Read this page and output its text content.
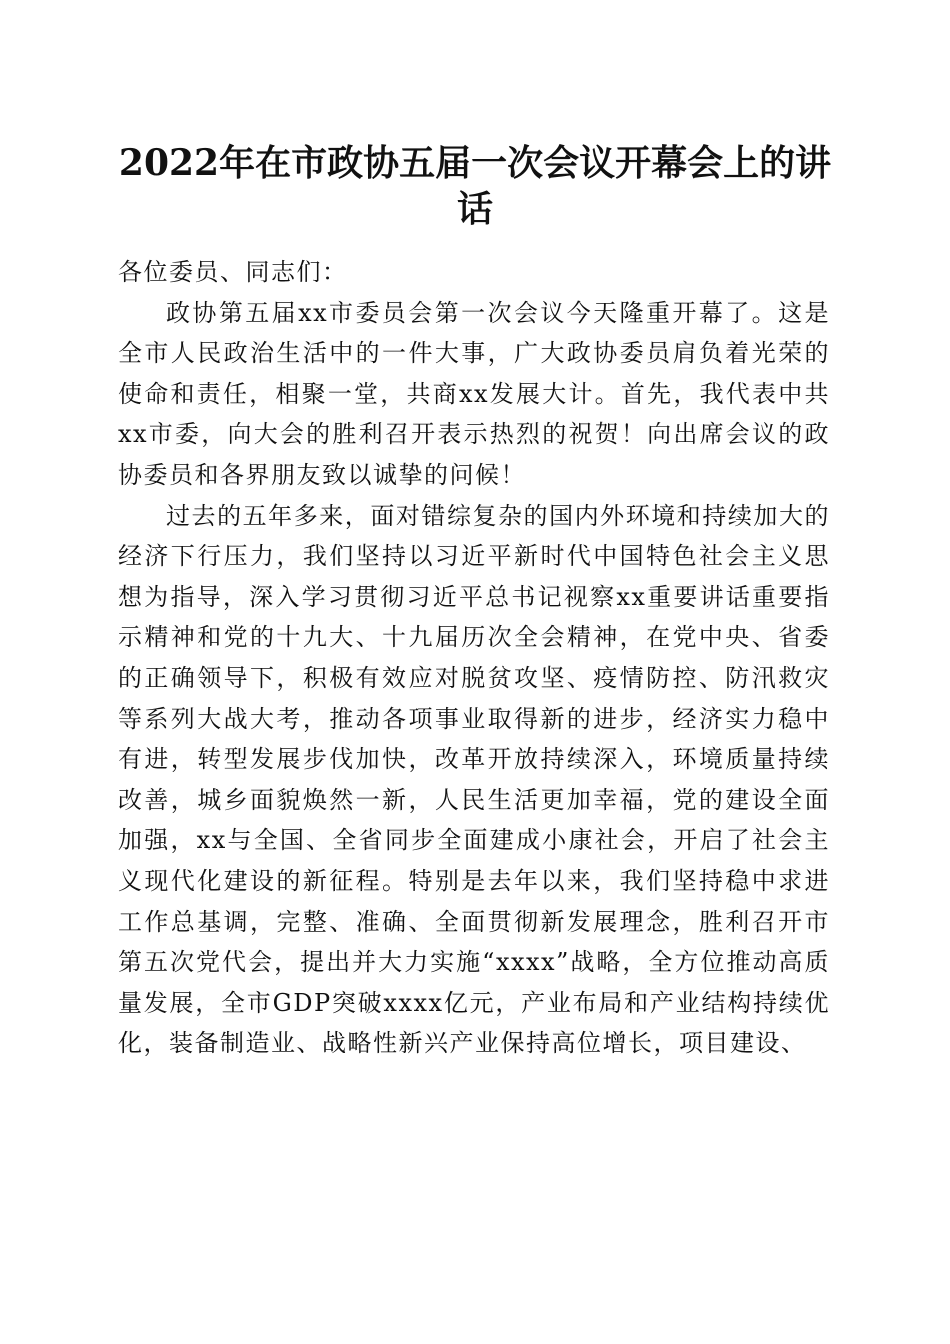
2022年在市政协五届一次会议开幕会上的讲话

各位委员、同志们：

政协第五届xx市委员会第一次会议今天隆重开幕了。这是全市人民政治生活中的一件大事，广大政协委员肩负着光荣的使命和责任，相聚一堂，共商xx发展大计。首先，我代表中共xx市委，向大会的胜利召开表示热烈的祝贺！向出席会议的政协委员和各界朋友致以诚挚的问候！

过去的五年多来，面对错综复杂的国内外环境和持续加大的经济下行压力，我们坚持以习近平新时代中国特色社会主义思想为指导，深入学习贯彻习近平总书记视察xx重要讲话重要指示精神和党的十九大、十九届历次全会精神，在党中央、省委的正确领导下，积极有效应对脱贫攻坚、疫情防控、防汛救灾等系列大战大考，推动各项事业取得新的进步，经济实力稳中有进，转型发展步伐加快，改革开放持续深入，环境质量持续改善，城乡面貌焕然一新，人民生活更加幸福，党的建设全面加强，xx与全国、全省同步全面建成小康社会，开启了社会主义现代化建设的新征程。特别是去年以来，我们坚持稳中求进工作总基调，完整、准确、全面贯彻新发展理念，胜利召开市第五次党代会，提出并大力实施“xxxx”战略，全方位推动高质量发展，全市GDP突破xxxx亿元，产业布局和产业结构持续优化，装备制造业、战略性新兴产业保持高位增长，项目建设、
